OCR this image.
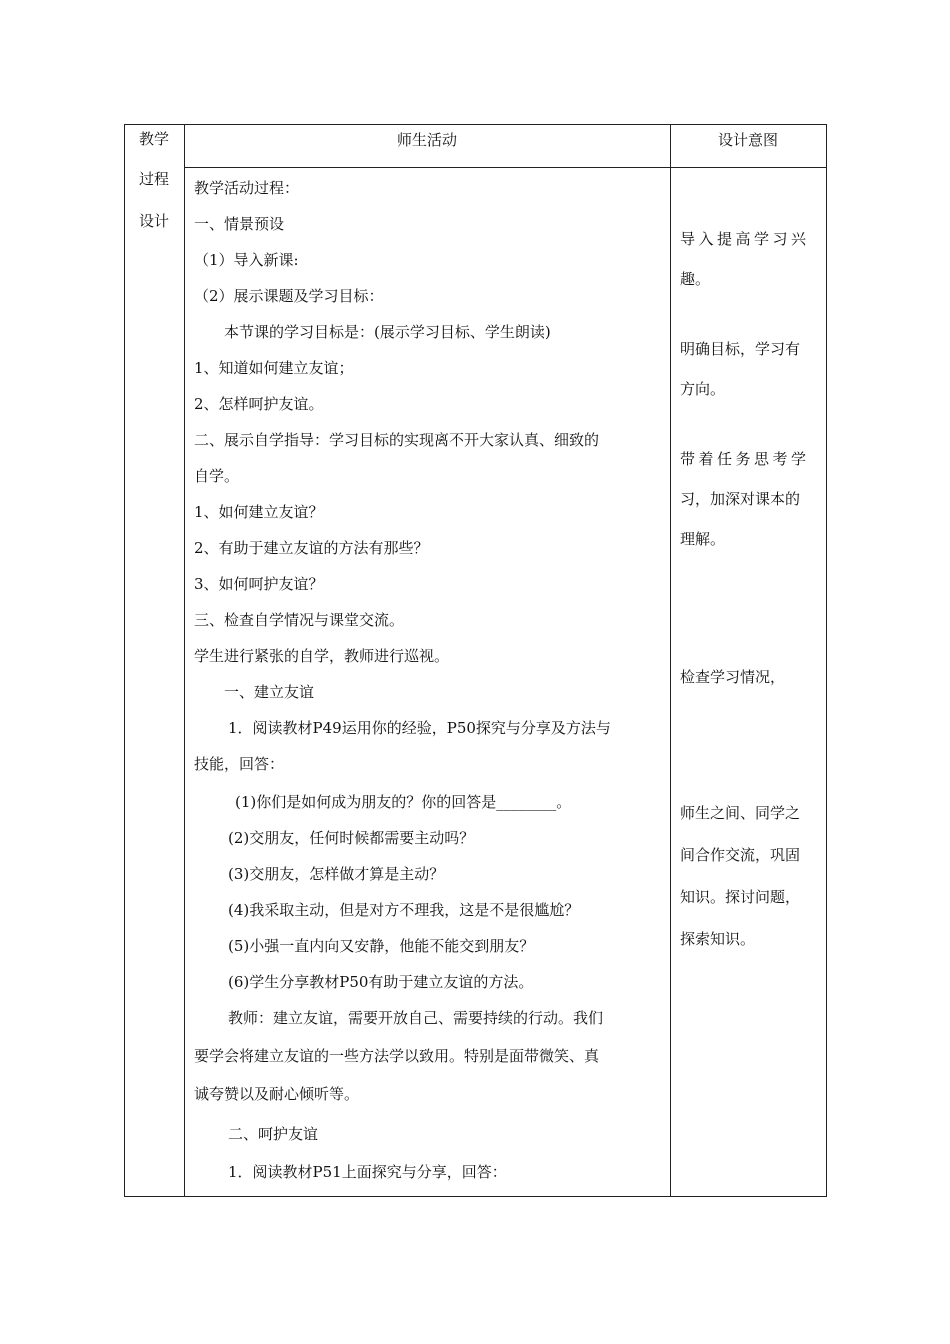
教学	师生活动	设计意图
过程
设计
教学活动过程：
一、情景预设
（1）导入新课:
（2）展示课题及学习目标：
本节课的学习目标是：(展示学习目标、学生朗读)
1、知道如何建立友谊；
2、怎样呵护友谊。
二、展示自学指导：学习目标的实现离不开大家认真、细致的
自学。
1、如何建立友谊？
2、有助于建立友谊的方法有那些？
3、如何呵护友谊？
三、检查自学情况与课堂交流。
学生进行紧张的自学，教师进行巡视。
一、建立友谊
1．阅读教材P49运用你的经验，P50探究与分享及方法与
技能，回答：
(1)你们是如何成为朋友的？你的回答是________。
(2)交朋友，任何时候都需要主动吗？
(3)交朋友，怎样做才算是主动？
(4)我采取主动，但是对方不理我，这是不是很尴尬？
(5)小强一直内向又安静，他能不能交到朋友？
(6)学生分享教材P50有助于建立友谊的方法。
教师：建立友谊，需要开放自己、需要持续的行动。我们
要学会将建立友谊的一些方法学以致用。特别是面带微笑、真
诚夸赞以及耐心倾听等。
二、呵护友谊
1．阅读教材P51上面探究与分享，回答：
导入提高学习兴
趣。
明确目标，学习有
方向。
带着任务思考学
习，加深对课本的
理解。
检查学习情况，
师生之间、同学之
间合作交流，巩固
知识。探讨问题，
探索知识。
